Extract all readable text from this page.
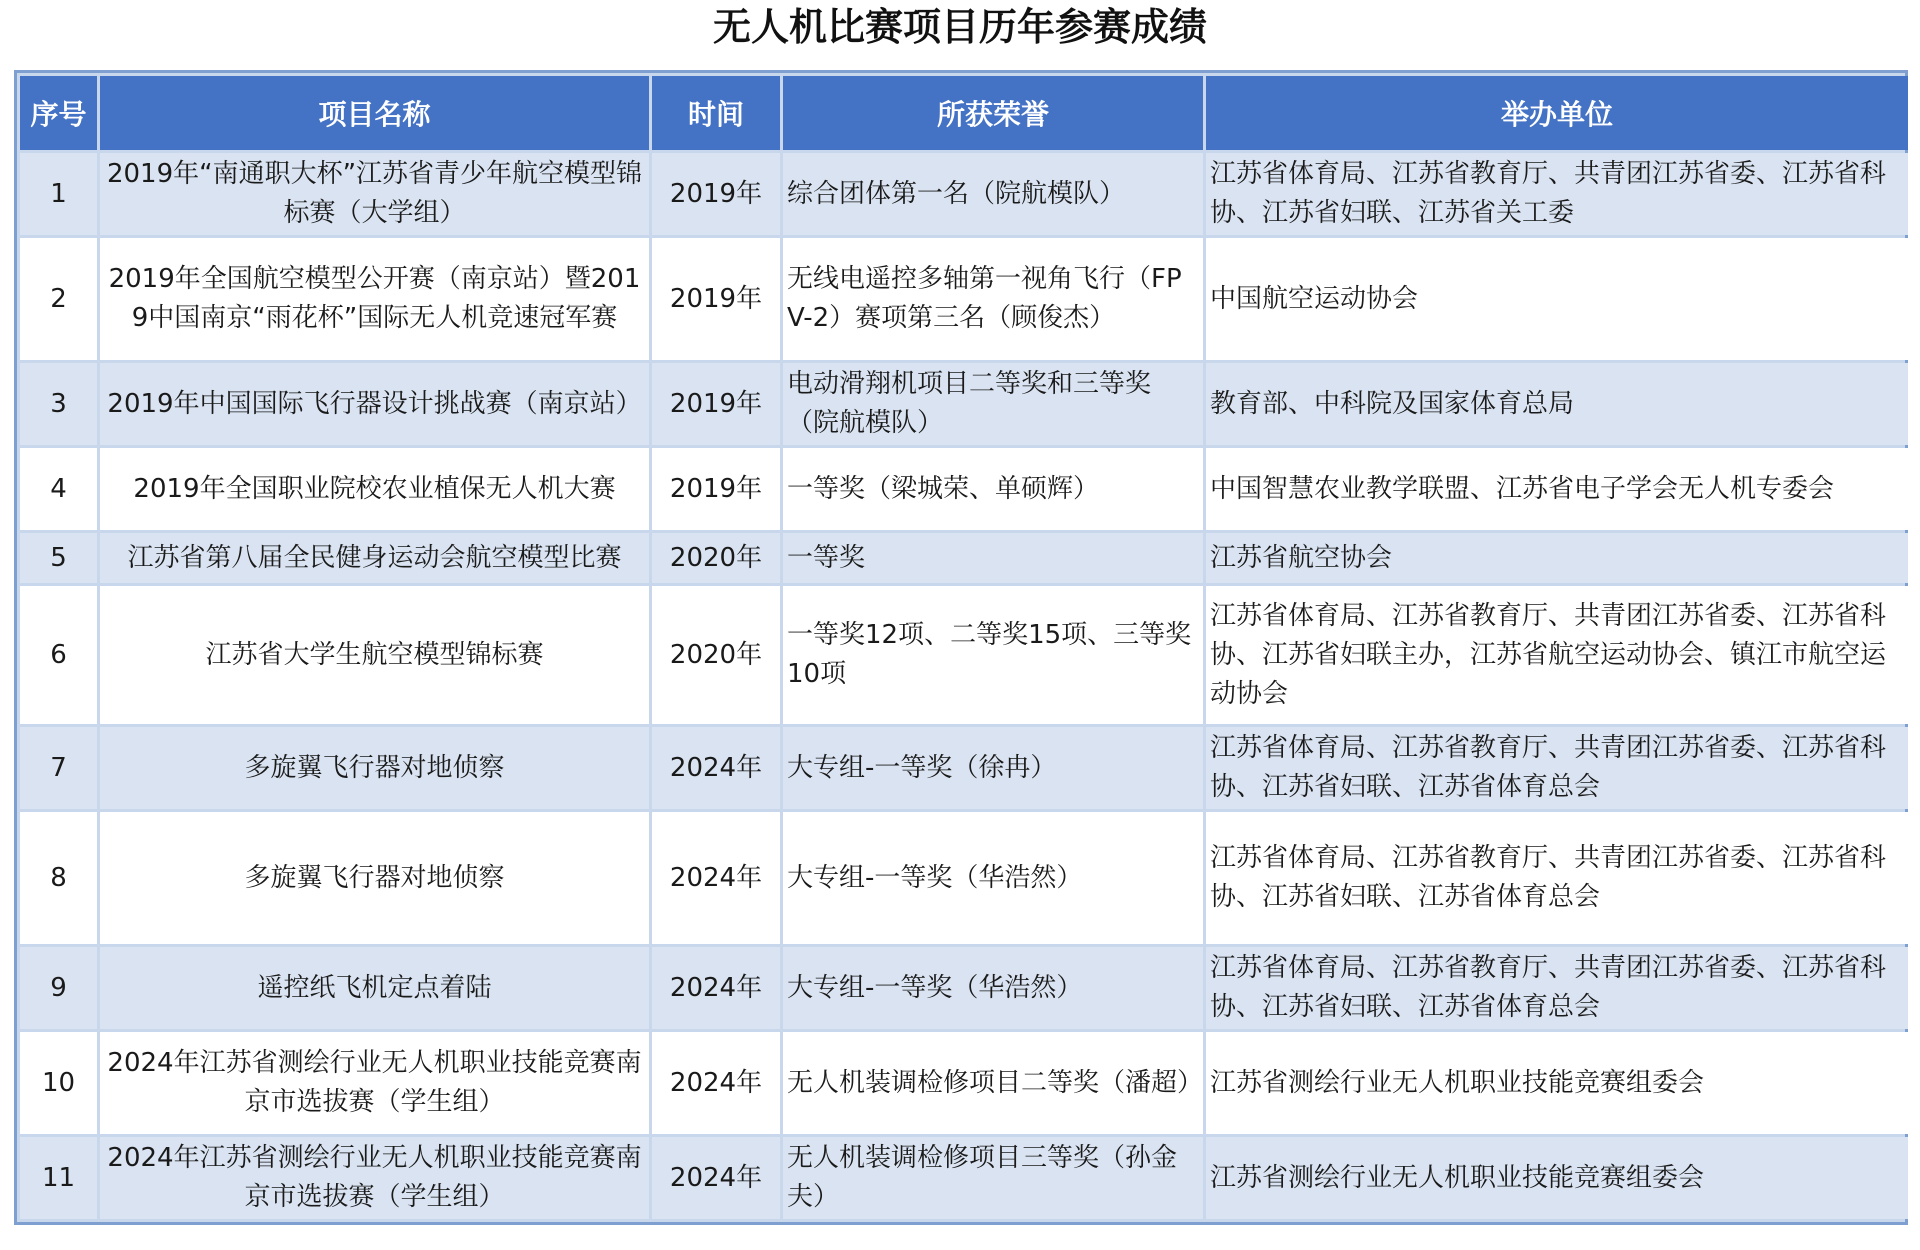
无人机比赛项目历年参赛成绩
序号	项目名称	时间	所获荣誉	举办单位
1	2019年“南通职大杯”江苏省青少年航空模型锦标赛（大学组）	2019年	综合团体第一名（院航模队）	江苏省体育局、江苏省教育厅、共青团江苏省委、江苏省科协、江苏省妇联、江苏省关工委
2	2019年全国航空模型公开赛（南京站）暨2019中国南京“雨花杯”国际无人机竞速冠军赛	2019年	无线电遥控多轴第一视角飞行（FPV-2）赛项第三名（顾俊杰）	中国航空运动协会
3	2019年中国国际飞行器设计挑战赛（南京站）	2019年	电动滑翔机项目二等奖和三等奖（院航模队）	教育部、中科院及国家体育总局
4	2019年全国职业院校农业植保无人机大赛	2019年	一等奖（梁城荣、单硕辉）	中国智慧农业教学联盟、江苏省电子学会无人机专委会
5	江苏省第八届全民健身运动会航空模型比赛	2020年	一等奖	江苏省航空协会
6	江苏省大学生航空模型锦标赛	2020年	一等奖12项、二等奖15项、三等奖10项	江苏省体育局、江苏省教育厅、共青团江苏省委、江苏省科协、江苏省妇联主办，江苏省航空运动协会、镇江市航空运动协会
7	多旋翼飞行器对地侦察	2024年	大专组-一等奖（徐冉）	江苏省体育局、江苏省教育厅、共青团江苏省委、江苏省科协、江苏省妇联、江苏省体育总会
8	多旋翼飞行器对地侦察	2024年	大专组-一等奖（华浩然）	江苏省体育局、江苏省教育厅、共青团江苏省委、江苏省科协、江苏省妇联、江苏省体育总会
9	遥控纸飞机定点着陆	2024年	大专组-一等奖（华浩然）	江苏省体育局、江苏省教育厅、共青团江苏省委、江苏省科协、江苏省妇联、江苏省体育总会
10	2024年江苏省测绘行业无人机职业技能竞赛南京市选拔赛（学生组）	2024年	无人机装调检修项目二等奖（潘超）	江苏省测绘行业无人机职业技能竞赛组委会
11	2024年江苏省测绘行业无人机职业技能竞赛南京市选拔赛（学生组）	2024年	无人机装调检修项目三等奖（孙金夫）	江苏省测绘行业无人机职业技能竞赛组委会
